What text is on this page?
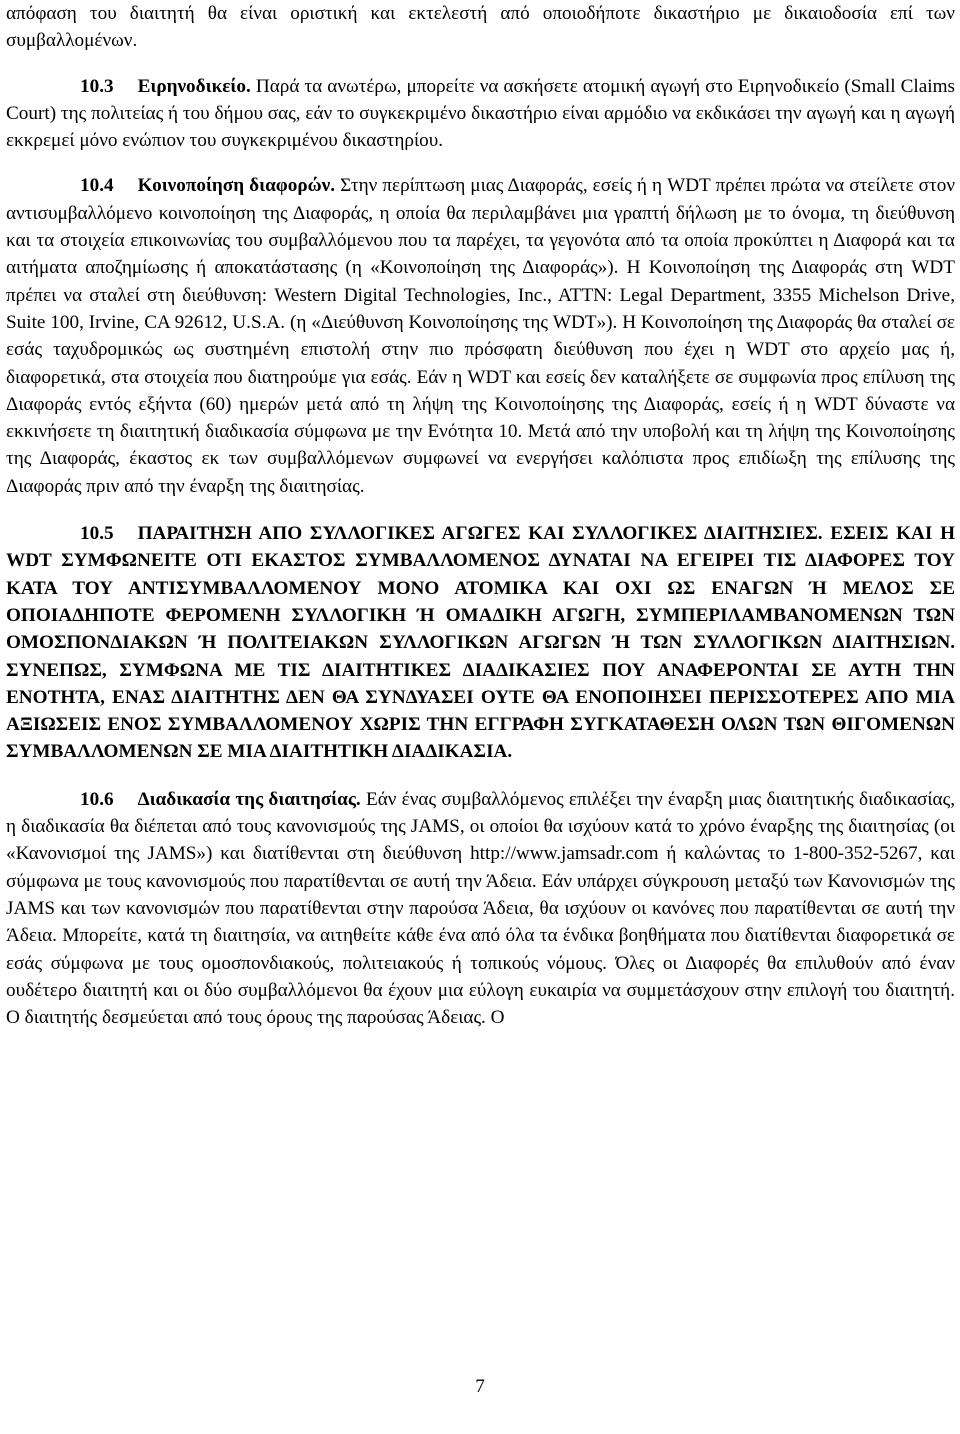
απόφαση του διαιτητή θα είναι οριστική και εκτελεστή από οποιοδήποτε δικαστήριο με δικαιοδοσία επί των συμβαλλομένων.

10.3 Ειρηνοδικείο. Παρά τα ανωτέρω, μπορείτε να ασκήσετε ατομική αγωγή στο Ειρηνοδικείο (Small Claims Court) της πολιτείας ή του δήμου σας, εάν το συγκεκριμένο δικαστήριο είναι αρμόδιο να εκδικάσει την αγωγή και η αγωγή εκκρεμεί μόνο ενώπιον του συγκεκριμένου δικαστηρίου.

10.4 Κοινοποίηση διαφορών. Στην περίπτωση μιας Διαφοράς, εσείς ή η WDT πρέπει πρώτα να στείλετε στον αντισυμβαλλόμενο κοινοποίηση της Διαφοράς, η οποία θα περιλαμβάνει μια γραπτή δήλωση με το όνομα, τη διεύθυνση και τα στοιχεία επικοινωνίας του συμβαλλόμενου που τα παρέχει, τα γεγονότα από τα οποία προκύπτει η Διαφορά και τα αιτήματα αποζημίωσης ή αποκατάστασης (η «Κοινοποίηση της Διαφοράς»). Η Κοινοποίηση της Διαφοράς στη WDT πρέπει να σταλεί στη διεύθυνση: Western Digital Technologies, Inc., ATTN: Legal Department, 3355 Michelson Drive, Suite 100, Irvine, CA 92612, U.S.A. (η «Διεύθυνση Κοινοποίησης της WDT»). Η Κοινοποίηση της Διαφοράς θα σταλεί σε εσάς ταχυδρομικώς ως συστημένη επιστολή στην πιο πρόσφατη διεύθυνση που έχει η WDT στο αρχείο μας ή, διαφορετικά, στα στοιχεία που διατηρούμε για εσάς. Εάν η WDT και εσείς δεν καταλήξετε σε συμφωνία προς επίλυση της Διαφοράς εντός εξήντα (60) ημερών μετά από τη λήψη της Κοινοποίησης της Διαφοράς, εσείς ή η WDT δύναστε να εκκινήσετε τη διαιτητική διαδικασία σύμφωνα με την Ενότητα 10. Μετά από την υποβολή και τη λήψη της Κοινοποίησης της Διαφοράς, έκαστος εκ των συμβαλλόμενων συμφωνεί να ενεργήσει καλόπιστα προς επιδίωξη της επίλυσης της Διαφοράς πριν από την έναρξη της διαιτησίας.

10.5 ΠΑΡΑΙΤΗΣΗ ΑΠΟ ΣΥΛΛΟΓΙΚΕΣ ΑΓΩΓΕΣ ΚΑΙ ΣΥΛΛΟΓΙΚΕΣ ΔΙΑΙΤΗΣΙΕΣ. ΕΣΕΙΣ ΚΑΙ Η WDT ΣΥΜΦΩΝΕΙΤΕ ΟΤΙ ΕΚΑΣΤΟΣ ΣΥΜΒΑΛΛΟΜΕΝΟΣ ΔΥΝΑΤΑΙ ΝΑ ΕΓΕΙΡΕΙ ΤΙΣ ΔΙΑΦΟΡΕΣ ΤΟΥ ΚΑΤΑ ΤΟΥ ΑΝΤΙΣΥΜΒΑΛΛΟΜΕΝΟΥ ΜΟΝΟ ΑΤΟΜΙΚΑ ΚΑΙ ΟΧΙ ΩΣ ΕΝΑΓΩΝ Ή ΜΕΛΟΣ ΣΕ ΟΠΟΙΑΔΗΠΟΤΕ ΦΕΡΟΜΕΝΗ ΣΥΛΛΟΓΙΚΗ Ή ΟΜΑΔΙΚΗ ΑΓΩΓΗ, ΣΥΜΠΕΡΙΛΑΜΒΑΝΟΜΕΝΩΝ ΤΩΝ ΟΜΟΣΠΟΝΔΙΑΚΩΝ Ή ΠΟΛΙΤΕΙΑΚΩΝ ΣΥΛΛΟΓΙΚΩΝ ΑΓΩΓΩΝ Ή ΤΩΝ ΣΥΛΛΟΓΙΚΩΝ ΔΙΑΙΤΗΣΙΩΝ. ΣΥΝΕΠΩΣ, ΣΥΜΦΩΝΑ ΜΕ ΤΙΣ ΔΙΑΙΤΗΤΙΚΕΣ ΔΙΑΔΙΚΑΣΙΕΣ ΠΟΥ ΑΝΑΦΕΡΟΝΤΑΙ ΣΕ ΑΥΤΗ ΤΗΝ ΕΝΟΤΗΤΑ, ΕΝΑΣ ΔΙΑΙΤΗΤΗΣ ΔΕΝ ΘΑ ΣΥΝΔΥΑΣΕΙ ΟΥΤΕ ΘΑ ΕΝΟΠΟΙΗΣΕΙ ΠΕΡΙΣΣΟΤΕΡΕΣ ΑΠΟ ΜΙΑ ΑΞΙΩΣΕΙΣ ΕΝΟΣ ΣΥΜΒΑΛΛΟΜΕΝΟΥ ΧΩΡΙΣ ΤΗΝ ΕΓΓΡΑΦΗ ΣΥΓΚΑΤΑΘΕΣΗ ΟΛΩΝ ΤΩΝ ΘΙΓΟΜΕΝΩΝ ΣΥΜΒΑΛΛΟΜΕΝΩΝ ΣΕ ΜΙΑ ΔΙΑΙΤΗΤΙΚΗ ΔΙΑΔΙΚΑΣΙΑ.

10.6 Διαδικασία της διαιτησίας. Εάν ένας συμβαλλόμενος επιλέξει την έναρξη μιας διαιτητικής διαδικασίας, η διαδικασία θα διέπεται από τους κανονισμούς της JAMS, οι οποίοι θα ισχύουν κατά το χρόνο έναρξης της διαιτησίας (οι «Κανονισμοί της JAMS») και διατίθενται στη διεύθυνση http://www.jamsadr.com ή καλώντας το 1-800-352-5267, και σύμφωνα με τους κανονισμούς που παρατίθενται σε αυτή την Άδεια. Εάν υπάρχει σύγκρουση μεταξύ των Κανονισμών της JAMS και των κανονισμών που παρατίθενται στην παρούσα Άδεια, θα ισχύουν οι κανόνες που παρατίθενται σε αυτή την Άδεια. Μπορείτε, κατά τη διαιτησία, να αιτηθείτε κάθε ένα από όλα τα ένδικα βοηθήματα που διατίθενται διαφορετικά σε εσάς σύμφωνα με τους ομοσπονδιακούς, πολιτειακούς ή τοπικούς νόμους. Όλες οι Διαφορές θα επιλυθούν από έναν ουδέτερο διαιτητή και οι δύο συμβαλλόμενοι θα έχουν μια εύλογη ευκαιρία να συμμετάσχουν στην επιλογή του διαιτητή. Ο διαιτητής δεσμεύεται από τους όρους της παρούσας Άδειας. Ο

7
